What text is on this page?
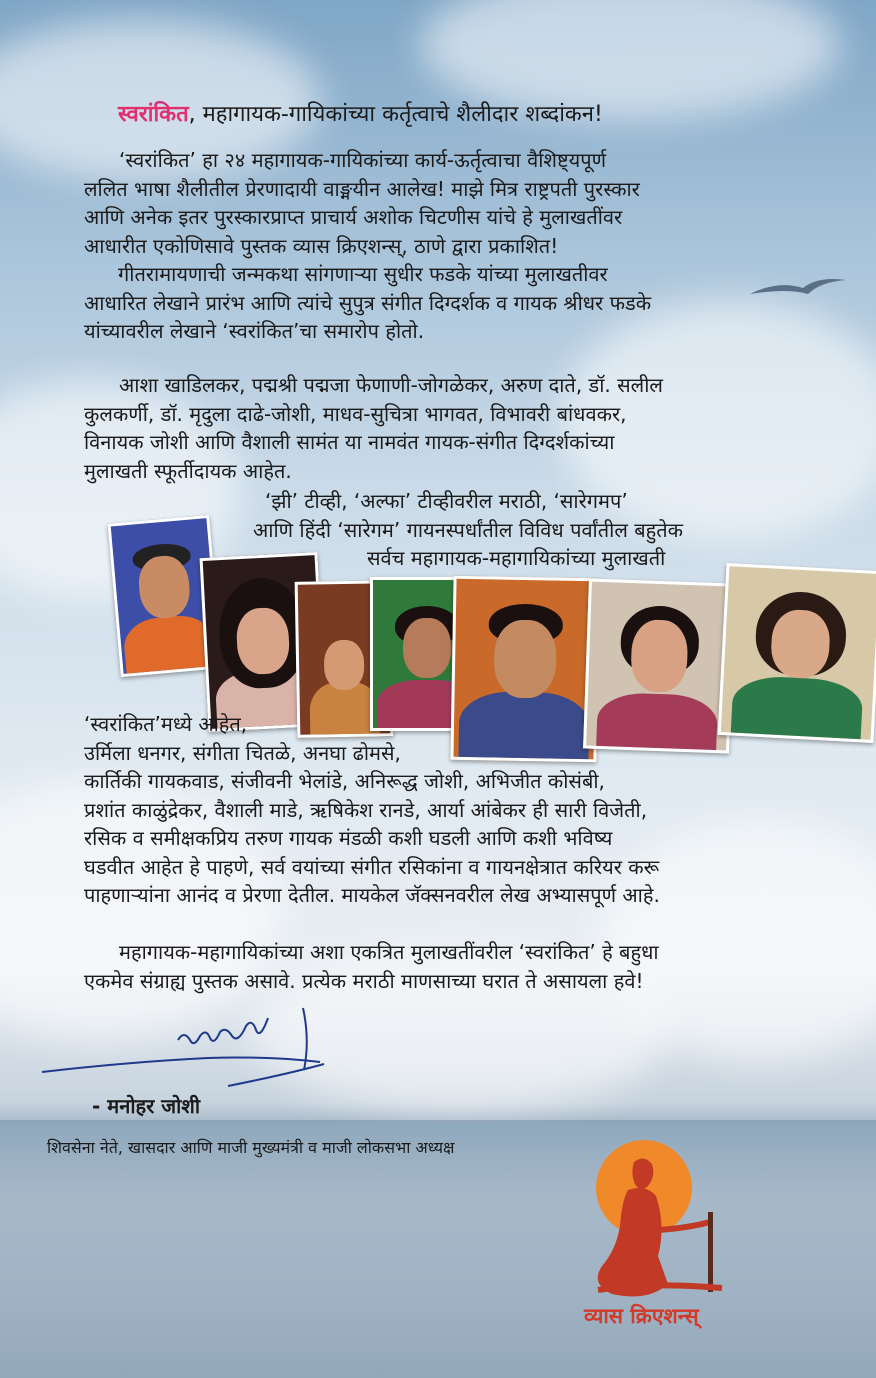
स्वरांकित, महागायक-गायिकांच्या कर्तृत्वाचे शैलीदार शब्दांकन!
‘स्वरांकित’ हा २४ महागायक-गायिकांच्या कार्य-ऊर्तृत्वाचा वैशिष्ट्यपूर्ण
ललित भाषा शैलीतील प्रेरणादायी वाङ्मयीन आलेख! माझे मित्र राष्ट्रपती पुरस्कार
आणि अनेक इतर पुरस्कारप्राप्त प्राचार्य अशोक चिटणीस यांचे हे मुलाखतींवर
आधारीत एकोणिसावे पुस्तक व्यास क्रिएशन्स्, ठाणे द्वारा प्रकाशित!
गीतरामायणाची जन्मकथा सांगणाऱ्या सुधीर फडके यांच्या मुलाखतीवर
आधारित लेखाने प्रारंभ आणि त्यांचे सुपुत्र संगीत दिग्दर्शक व गायक श्रीधर फडके
यांच्यावरील लेखाने ‘स्वरांकित’चा समारोप होतो.
आशा खाडिलकर, पद्मश्री पद्मजा फेणाणी-जोगळेकर, अरुण दाते, डॉ. सलील
कुलकर्णी, डॉ. मृदुला दाढे-जोशी, माधव-सुचित्रा भागवत, विभावरी बांधवकर,
विनायक जोशी आणि वैशाली सामंत या नामवंत गायक-संगीत दिग्दर्शकांच्या
मुलाखती स्फूर्तीदायक आहेत.
‘झी’ टीव्ही, ‘अल्फा’ टीव्हीवरील मराठी, ‘सारेगमप’
आणि हिंदी ‘सारेगम’ गायनस्पर्धांतील विविध पर्वांतील बहुतेक
सर्वच महागायक-महागायिकांच्या मुलाखती
‘स्वरांकित’मध्ये आहेत,
उर्मिला धनगर, संगीता चितळे, अनघा ढोमसे,
कार्तिकी गायकवाड, संजीवनी भेलांडे, अनिरूद्ध जोशी, अभिजीत कोसंबी,
प्रशांत काळुंद्रेकर, वैशाली माडे, ऋषिकेश रानडे, आर्या आंबेकर ही सारी विजेती,
रसिक व समीक्षकप्रिय तरुण गायक मंडळी कशी घडली आणि कशी भविष्य
घडवीत आहेत हे पाहणे, सर्व वयांच्या संगीत रसिकांना व गायनक्षेत्रात करियर करू
पाहणाऱ्यांना आनंद व प्रेरणा देतील. मायकेल जॅक्सनवरील लेख अभ्यासपूर्ण आहे.
महागायक-महागायिकांच्या अशा एकत्रित मुलाखतींवरील ‘स्वरांकित’ हे बहुधा
एकमेव संग्राह्य पुस्तक असावे. प्रत्येक मराठी माणसाच्या घरात ते असायला हवे!
- मनोहर जोशी
शिवसेना नेते, खासदार आणि माजी मुख्यमंत्री व माजी लोकसभा अध्यक्ष
व्यास क्रिएशन्स्
